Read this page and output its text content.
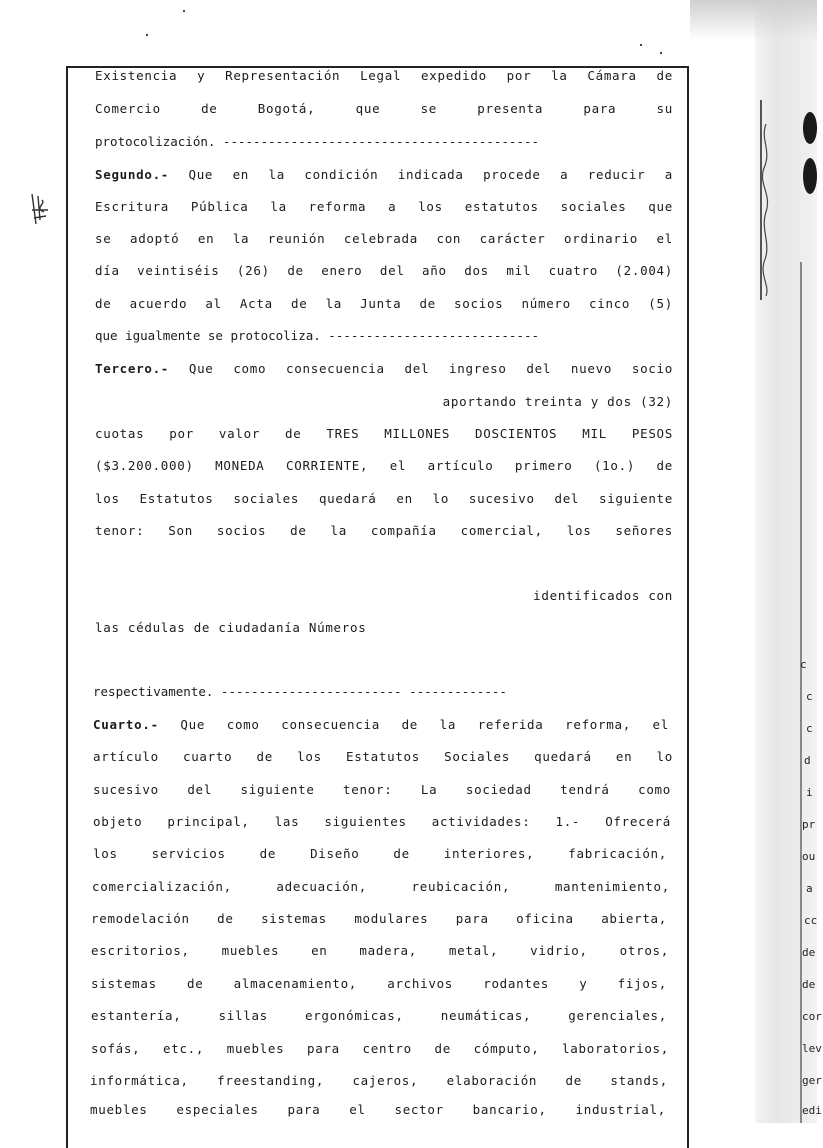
c
c
c
d
i
pr
ou
a
cc
de
de
cor
lev
ger
edi
Existencia y Representación Legal expedido por la Cámara de
Comercio de Bogotá, que se presenta para su
protocolización. ------------------------------------------
Segundo.- Que en la condición indicada procede a reducir a
Escritura Pública la reforma a los estatutos sociales que
se adoptó en la reunión celebrada con carácter ordinario el
día veintiséis (26) de enero del año dos mil cuatro (2.004)
de acuerdo al Acta de la Junta de socios número cinco (5)
que igualmente se protocoliza. ----------------------------
Tercero.- Que como consecuencia del ingreso del nuevo socio
aportando treinta y dos (32)
cuotas por valor de TRES MILLONES DOSCIENTOS MIL PESOS
($3.200.000) MONEDA CORRIENTE, el artículo primero (1o.) de
los Estatutos sociales quedará en lo sucesivo del siguiente
tenor: Son socios de la compañía comercial, los señores
identificados con
las cédulas de ciudadanía Números
respectivamente. ------------------------ -------------
Cuarto.- Que como consecuencia de la referida reforma, el
artículo cuarto de los Estatutos Sociales quedará en lo
sucesivo del siguiente tenor: La sociedad tendrá como
objeto principal, las siguientes actividades: 1.- Ofrecerá
los servicios de Diseño de interiores, fabricación,
comercialización, adecuación, reubicación, mantenimiento,
remodelación de sistemas modulares para oficina abierta,
escritorios, muebles en madera, metal, vidrio, otros,
sistemas de almacenamiento, archivos rodantes y fijos,
estantería, sillas ergonómicas, neumáticas, gerenciales,
sofás, etc., muebles para centro de cómputo, laboratorios,
informática, freestanding, cajeros, elaboración de stands,
muebles especiales para el sector bancario, industrial,
